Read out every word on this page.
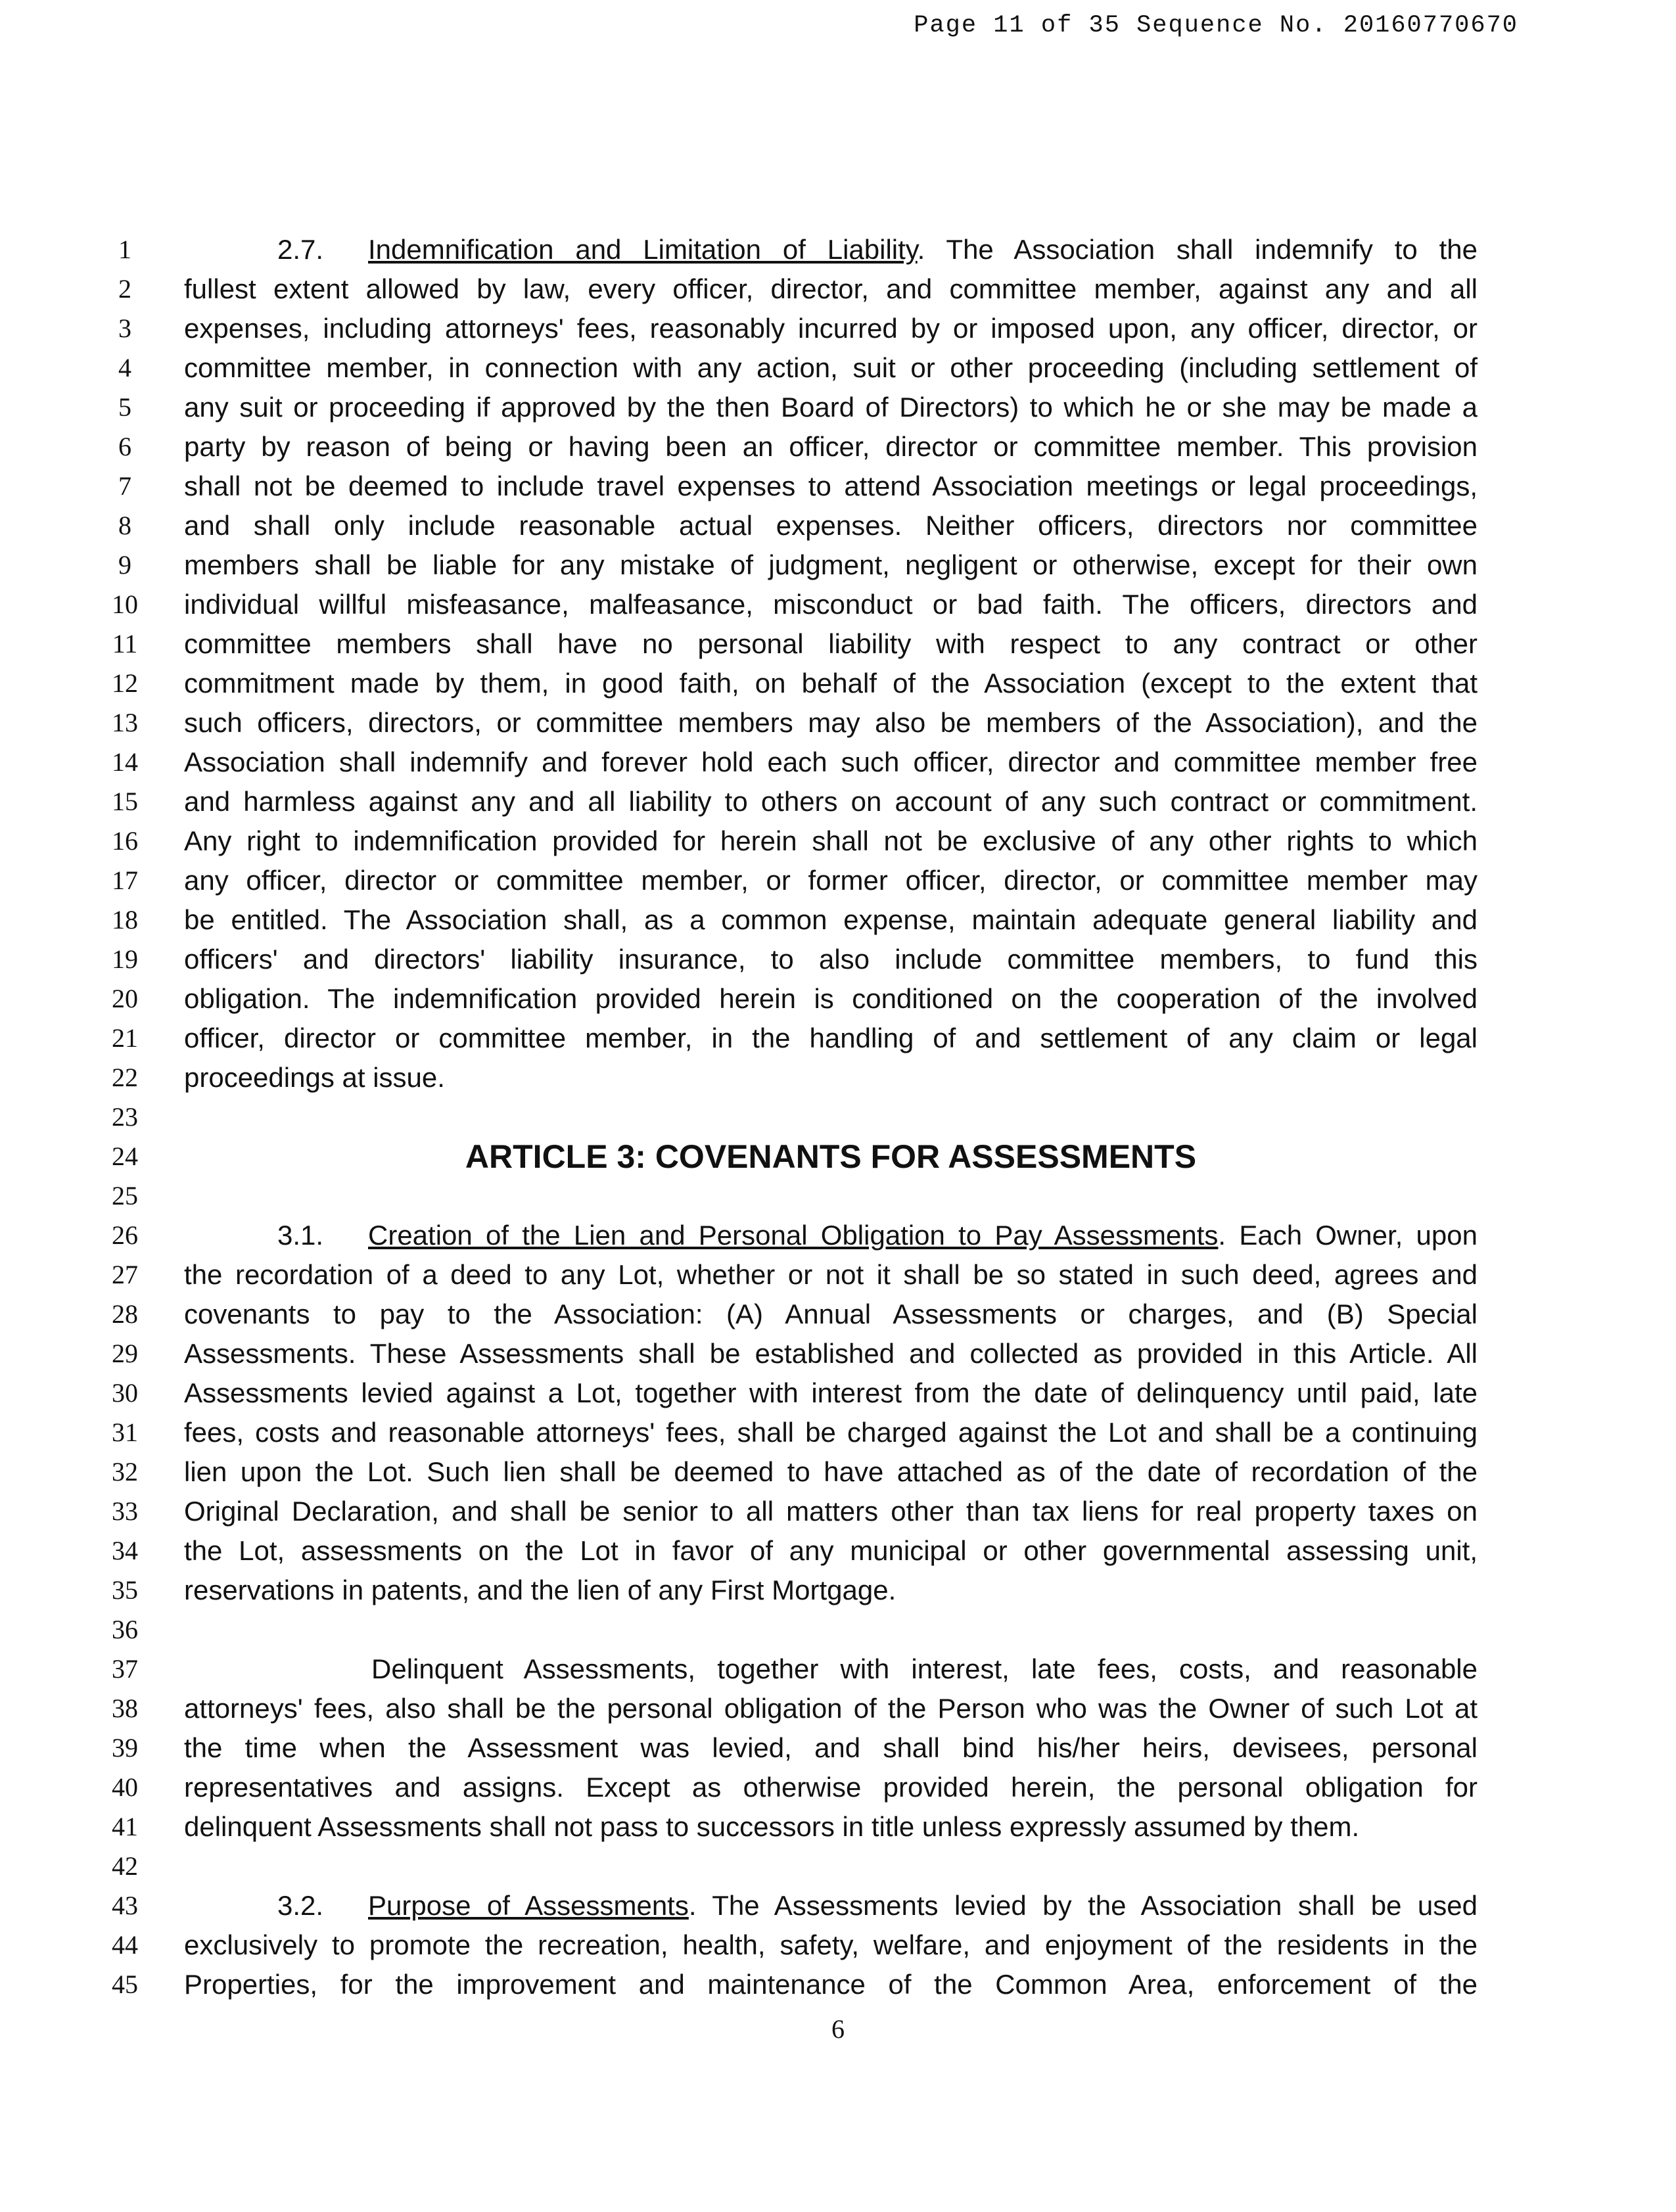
Page 11 of 35 Sequence No. 20160770670
1	2.7. Indemnification and Limitation of Liability. The Association shall indemnify to the
2	fullest extent allowed by law, every officer, director, and committee member, against any and all
3	expenses, including attorneys' fees, reasonably incurred by or imposed upon, any officer, director, or
4	committee member, in connection with any action, suit or other proceeding (including settlement of
5	any suit or proceeding if approved by the then Board of Directors) to which he or she may be made a
6	party by reason of being or having been an officer, director or committee member. This provision
7	shall not be deemed to include travel expenses to attend Association meetings or legal proceedings,
8	and shall only include reasonable actual expenses. Neither officers, directors nor committee
9	members shall be liable for any mistake of judgment, negligent or otherwise, except for their own
10 individual willful misfeasance, malfeasance, misconduct or bad faith. The officers, directors and
11 committee members shall have no personal liability with respect to any contract or other
12 commitment made by them, in good faith, on behalf of the Association (except to the extent that
13 such officers, directors, or committee members may also be members of the Association), and the
14 Association shall indemnify and forever hold each such officer, director and committee member free
15 and harmless against any and all liability to others on account of any such contract or commitment.
16 Any right to indemnification provided for herein shall not be exclusive of any other rights to which
17 any officer, director or committee member, or former officer, director, or committee member may
18 be entitled. The Association shall, as a common expense, maintain adequate general liability and
19 officers' and directors' liability insurance, to also include committee members, to fund this
20 obligation. The indemnification provided herein is conditioned on the cooperation of the involved
21 officer, director or committee member, in the handling of and settlement of any claim or legal
22 proceedings at issue.
23
24	ARTICLE 3: COVENANTS FOR ASSESSMENTS
25
26	3.1. Creation of the Lien and Personal Obligation to Pay Assessments. Each Owner, upon
27 the recordation of a deed to any Lot, whether or not it shall be so stated in such deed, agrees and
28 covenants to pay to the Association: (A) Annual Assessments or charges, and (B) Special
29 Assessments. These Assessments shall be established and collected as provided in this Article. All
30 Assessments levied against a Lot, together with interest from the date of delinquency until paid, late
31 fees, costs and reasonable attorneys' fees, shall be charged against the Lot and shall be a continuing
32 lien upon the Lot. Such lien shall be deemed to have attached as of the date of recordation of the
33 Original Declaration, and shall be senior to all matters other than tax liens for real property taxes on
34 the Lot, assessments on the Lot in favor of any municipal or other governmental assessing unit,
35 reservations in patents, and the lien of any First Mortgage.
36
37	Delinquent Assessments, together with interest, late fees, costs, and reasonable
38 attorneys' fees, also shall be the personal obligation of the Person who was the Owner of such Lot at
39 the time when the Assessment was levied, and shall bind his/her heirs, devisees, personal
40 representatives and assigns. Except as otherwise provided herein, the personal obligation for
41 delinquent Assessments shall not pass to successors in title unless expressly assumed by them.
42
43	3.2. Purpose of Assessments. The Assessments levied by the Association shall be used
44 exclusively to promote the recreation, health, safety, welfare, and enjoyment of the residents in the
45 Properties, for the improvement and maintenance of the Common Area, enforcement of the
6
